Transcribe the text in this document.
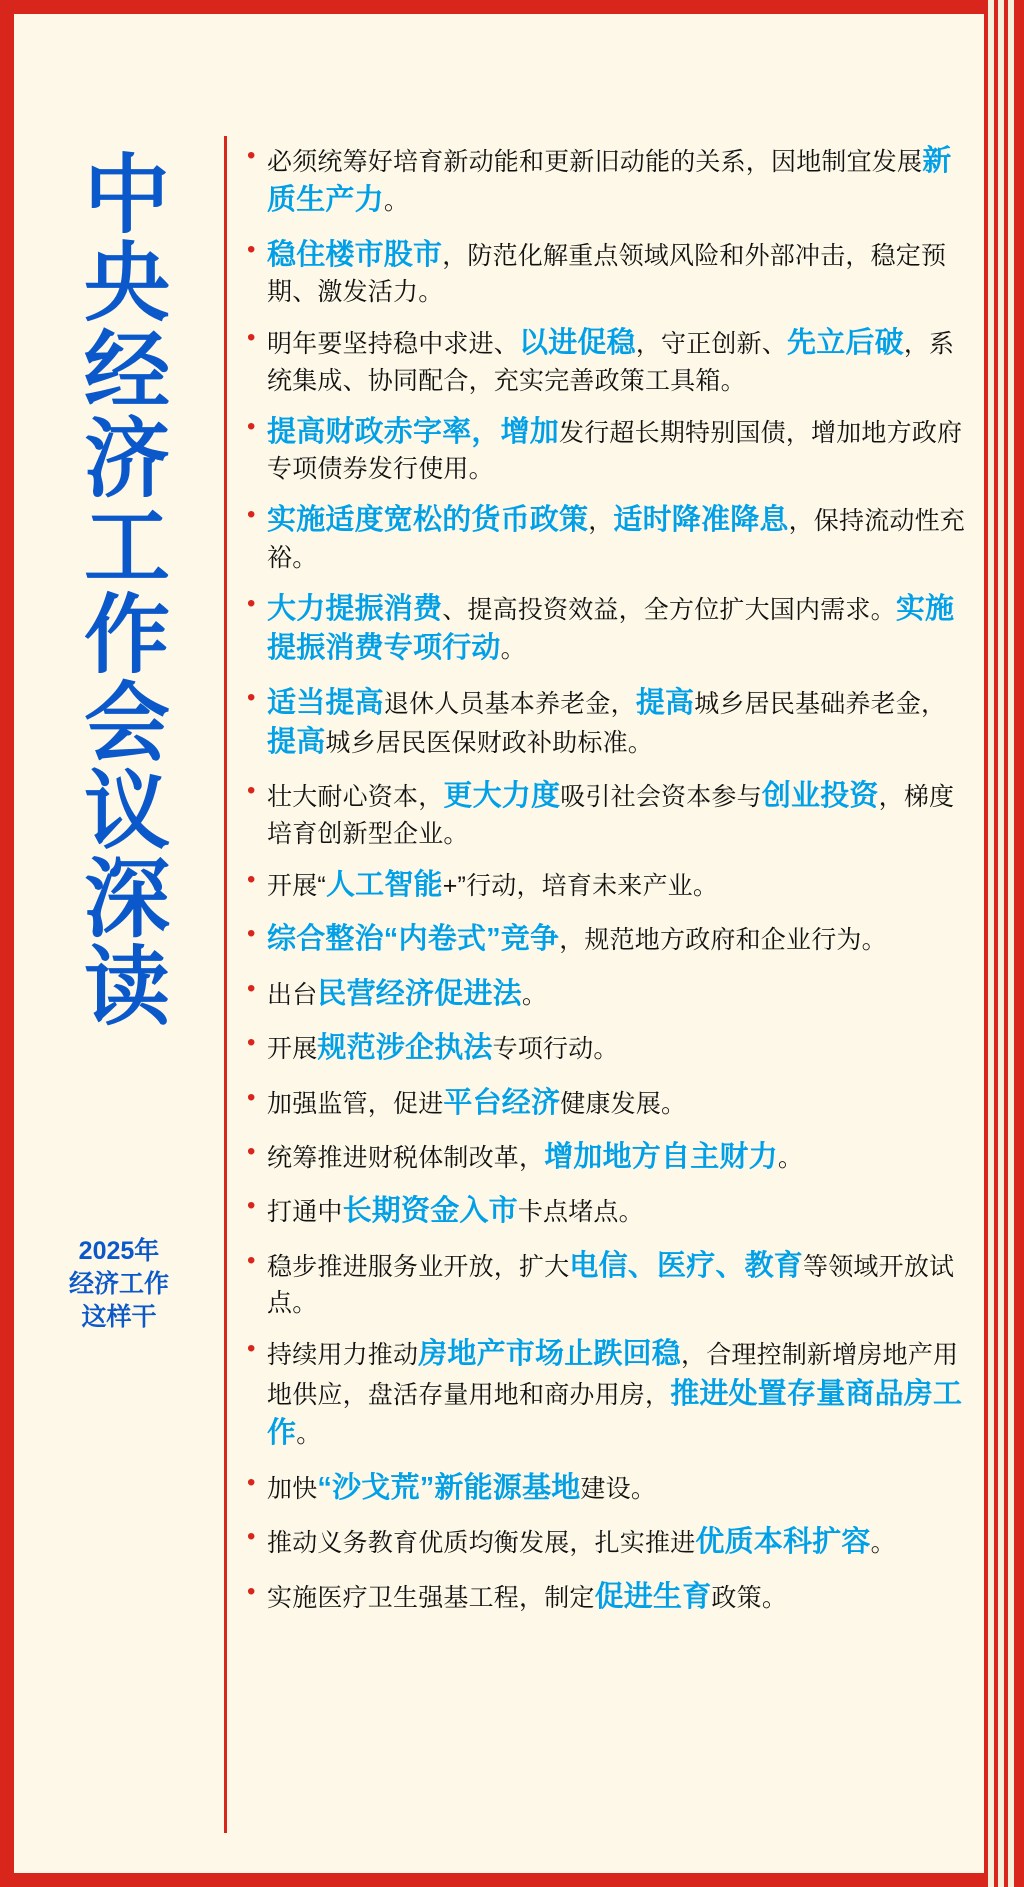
中央经济工作会议深读
2025年
经济工作
这样干
• 必须统筹好培育新动能和更新旧动能的关系，因地制宜发展新质生产力。
• 稳住楼市股市，防范化解重点领域风险和外部冲击，稳定预期、激发活力。
• 明年要坚持稳中求进、以进促稳，守正创新、先立后破，系统集成、协同配合，充实完善政策工具箱。
• 提高财政赤字率，增加发行超长期特别国债，增加地方政府专项债券发行使用。
• 实施适度宽松的货币政策，适时降准降息，保持流动性充裕。
• 大力提振消费、提高投资效益，全方位扩大国内需求。实施提振消费专项行动。
• 适当提高退休人员基本养老金，提高城乡居民基础养老金，提高城乡居民医保财政补助标准。
• 壮大耐心资本，更大力度吸引社会资本参与创业投资，梯度培育创新型企业。
• 开展“人工智能+”行动，培育未来产业。
• 综合整治“内卷式”竞争，规范地方政府和企业行为。
• 出台民营经济促进法。
• 开展规范涉企执法专项行动。
• 加强监管，促进平台经济健康发展。
• 统筹推进财税体制改革，增加地方自主财力。
• 打通中长期资金入市卡点堵点。
• 稳步推进服务业开放，扩大电信、医疗、教育等领域开放试点。
• 持续用力推动房地产市场止跌回稳，合理控制新增房地产用地供应，盘活存量用地和商办用房，推进处置存量商品房工作。
• 加快“沙戈荒”新能源基地建设。
• 推动义务教育优质均衡发展，扎实推进优质本科扩容。
• 实施医疗卫生强基工程，制定促进生育政策。
